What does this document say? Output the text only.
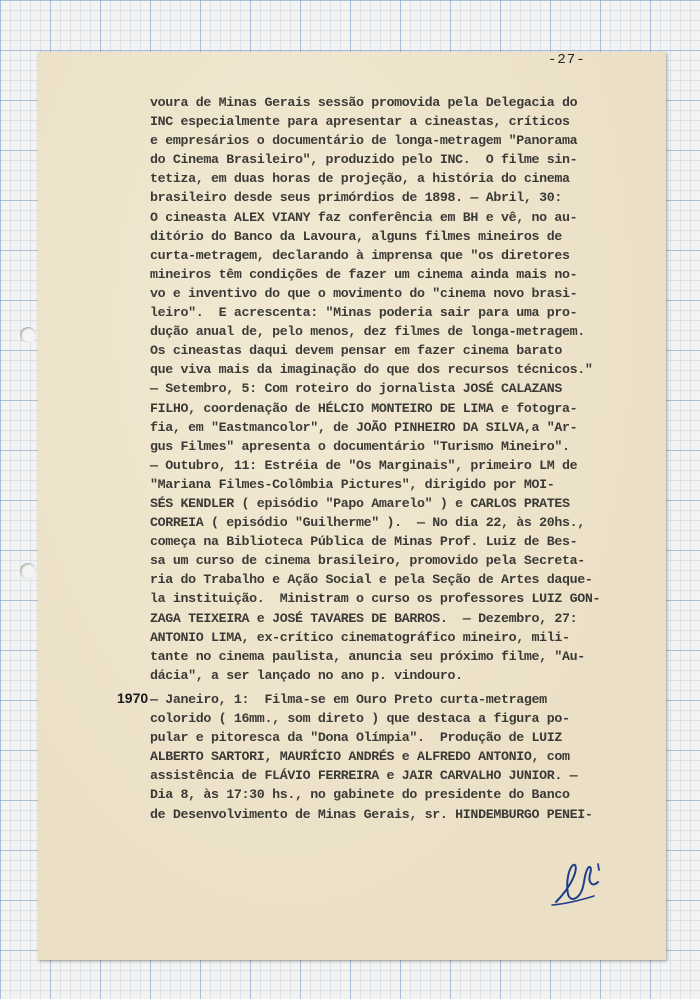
-27-
voura de Minas Gerais sessão promovida pela Delegacia do
INC especialmente para apresentar a cineastas, críticos
e empresários o documentário de longa-metragem "Panorama
do Cinema Brasileiro", produzido pelo INC.  O filme sin-
tetiza, em duas horas de projeção, a história do cinema
brasileiro desde seus primórdios de 1898. — Abril, 30:
O cineasta ALEX VIANY faz conferência em BH e vê, no au-
ditório do Banco da Lavoura, alguns filmes mineiros de
curta-metragem, declarando à imprensa que "os diretores
mineiros têm condições de fazer um cinema ainda mais no-
vo e inventivo do que o movimento do "cinema novo brasi-
leiro".  E acrescenta: "Minas poderia sair para uma pro-
dução anual de, pelo menos, dez filmes de longa-metragem.
Os cineastas daqui devem pensar em fazer cinema barato
que viva mais da imaginação do que dos recursos técnicos."
— Setembro, 5: Com roteiro do jornalista JOSÉ CALAZANS
FILHO, coordenação de HÉLCIO MONTEIRO DE LIMA e fotogra-
fia, em "Eastmancolor", de JOÃO PINHEIRO DA SILVA,a "Ar-
gus Filmes" apresenta o documentário "Turismo Mineiro".
— Outubro, 11: Estréia de "Os Marginais", primeiro LM de
"Mariana Filmes-Colômbia Pictures", dirigido por MOI-
SÉS KENDLER ( episódio "Papo Amarelo" ) e CARLOS PRATES
CORREIA ( episódio "Guilherme" ).  — No dia 22, às 20hs.,
começa na Biblioteca Pública de Minas Prof. Luiz de Bes-
sa um curso de cinema brasileiro, promovido pela Secreta-
ria do Trabalho e Ação Social e pela Seção de Artes daque-
la instituição.  Ministram o curso os professores LUIZ GON-
ZAGA TEIXEIRA e JOSÉ TAVARES DE BARROS.  — Dezembro, 27:
ANTONIO LIMA, ex-crítico cinematográfico mineiro, mili-
tante no cinema paulista, anuncia seu próximo filme, "Au-
dácia", a ser lançado no ano p. vindouro.
1970 — Janeiro, 1:  Filma-se em Ouro Preto curta-metragem
colorido ( 16mm., som direto ) que destaca a figura po-
pular e pitoresca da "Dona Olímpia".  Produção de LUIZ
ALBERTO SARTORI, MAURÍCIO ANDRÉS e ALFREDO ANTONIO, com
assistência de FLÁVIO FERREIRA e JAIR CARVALHO JUNIOR. —
Dia 8, às 17:30 hs., no gabinete do presidente do Banco
de Desenvolvimento de Minas Gerais, sr. HINDEMBURGO PENEI-
